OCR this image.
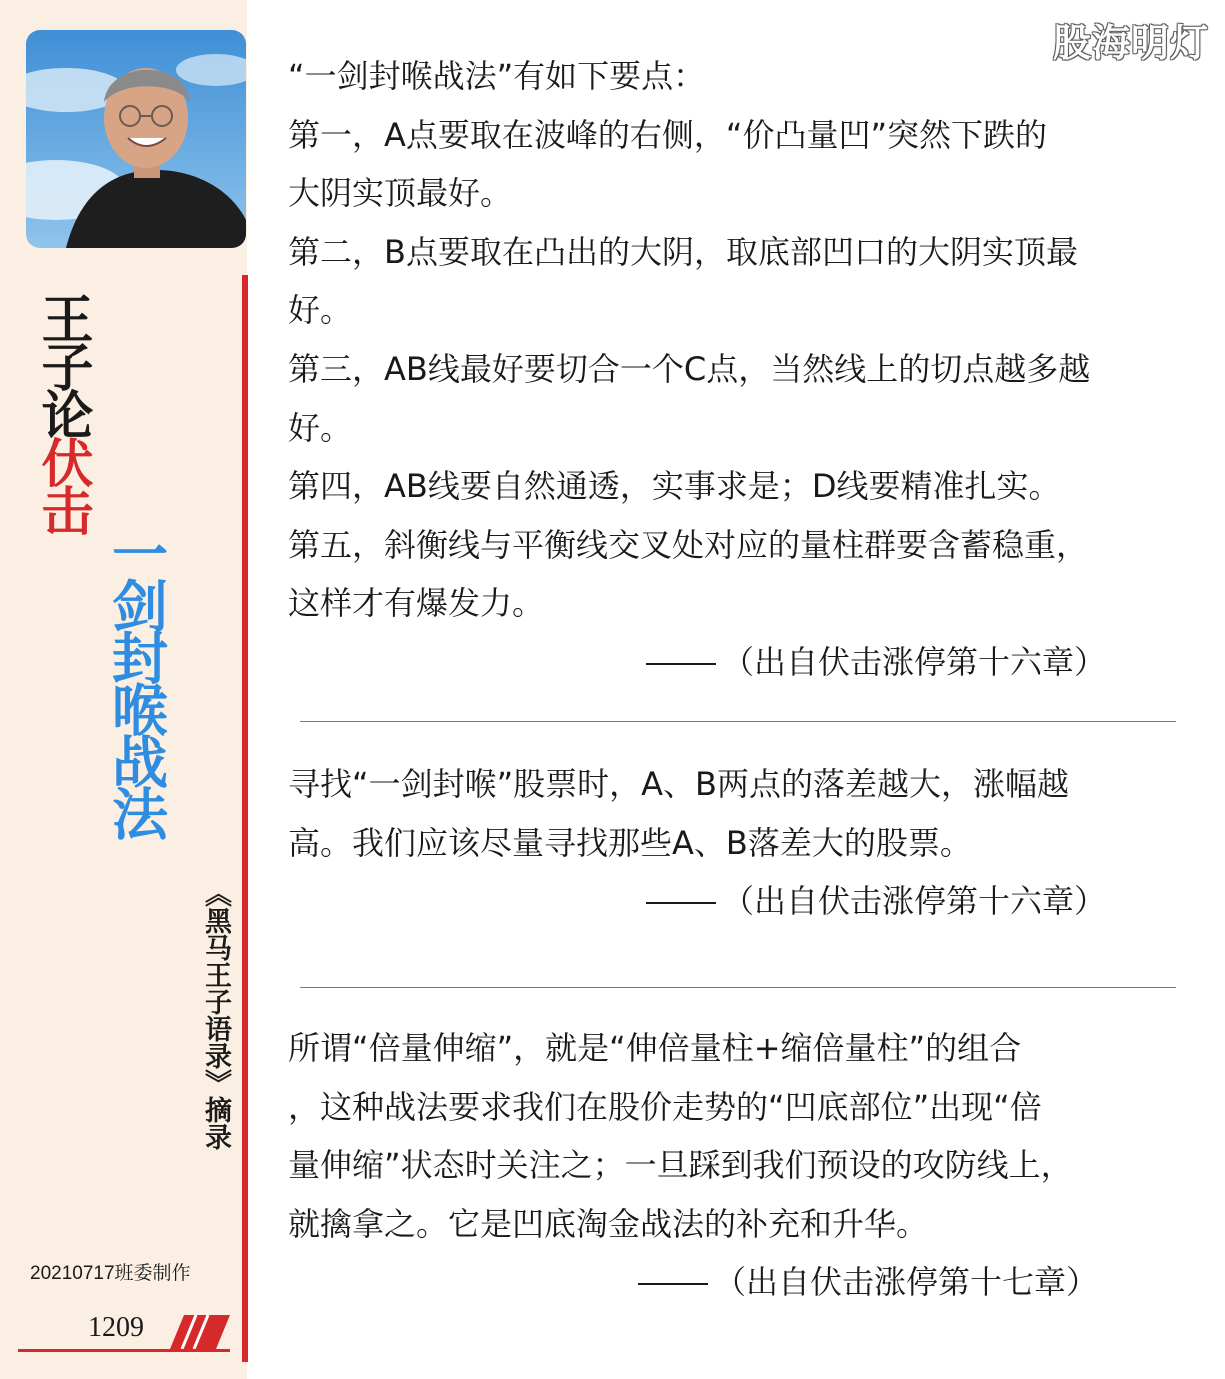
王子论伏击
一剑封喉战法
《黑马王子语录》摘录
20210717班委制作
1209
股海明灯

“一剑封喉战法”有如下要点：

第一，A点要取在波峰的右侧，“价凸量凹”突然下跌的

大阴实顶最好。

第二，B点要取在凸出的大阴，取底部凹口的大阴实顶最

好。

第三，AB线最好要切合一个C点，当然线上的切点越多越

好。

第四，AB线要自然通透，实事求是；D线要精准扎实。

第五，斜衡线与平衡线交叉处对应的量柱群要含蓄稳重，

这样才有爆发力。

（出自伏击涨停第十六章）

寻找“一剑封喉”股票时，A、B两点的落差越大，涨幅越

高。我们应该尽量寻找那些A、B落差大的股票。

（出自伏击涨停第十六章）

所谓“倍量伸缩”，就是“伸倍量柱+缩倍量柱”的组合

，这种战法要求我们在股价走势的“凹底部位”出现“倍

量伸缩”状态时关注之；一旦踩到我们预设的攻防线上，

就擒拿之。它是凹底淘金战法的补充和升华。

（出自伏击涨停第十七章）
